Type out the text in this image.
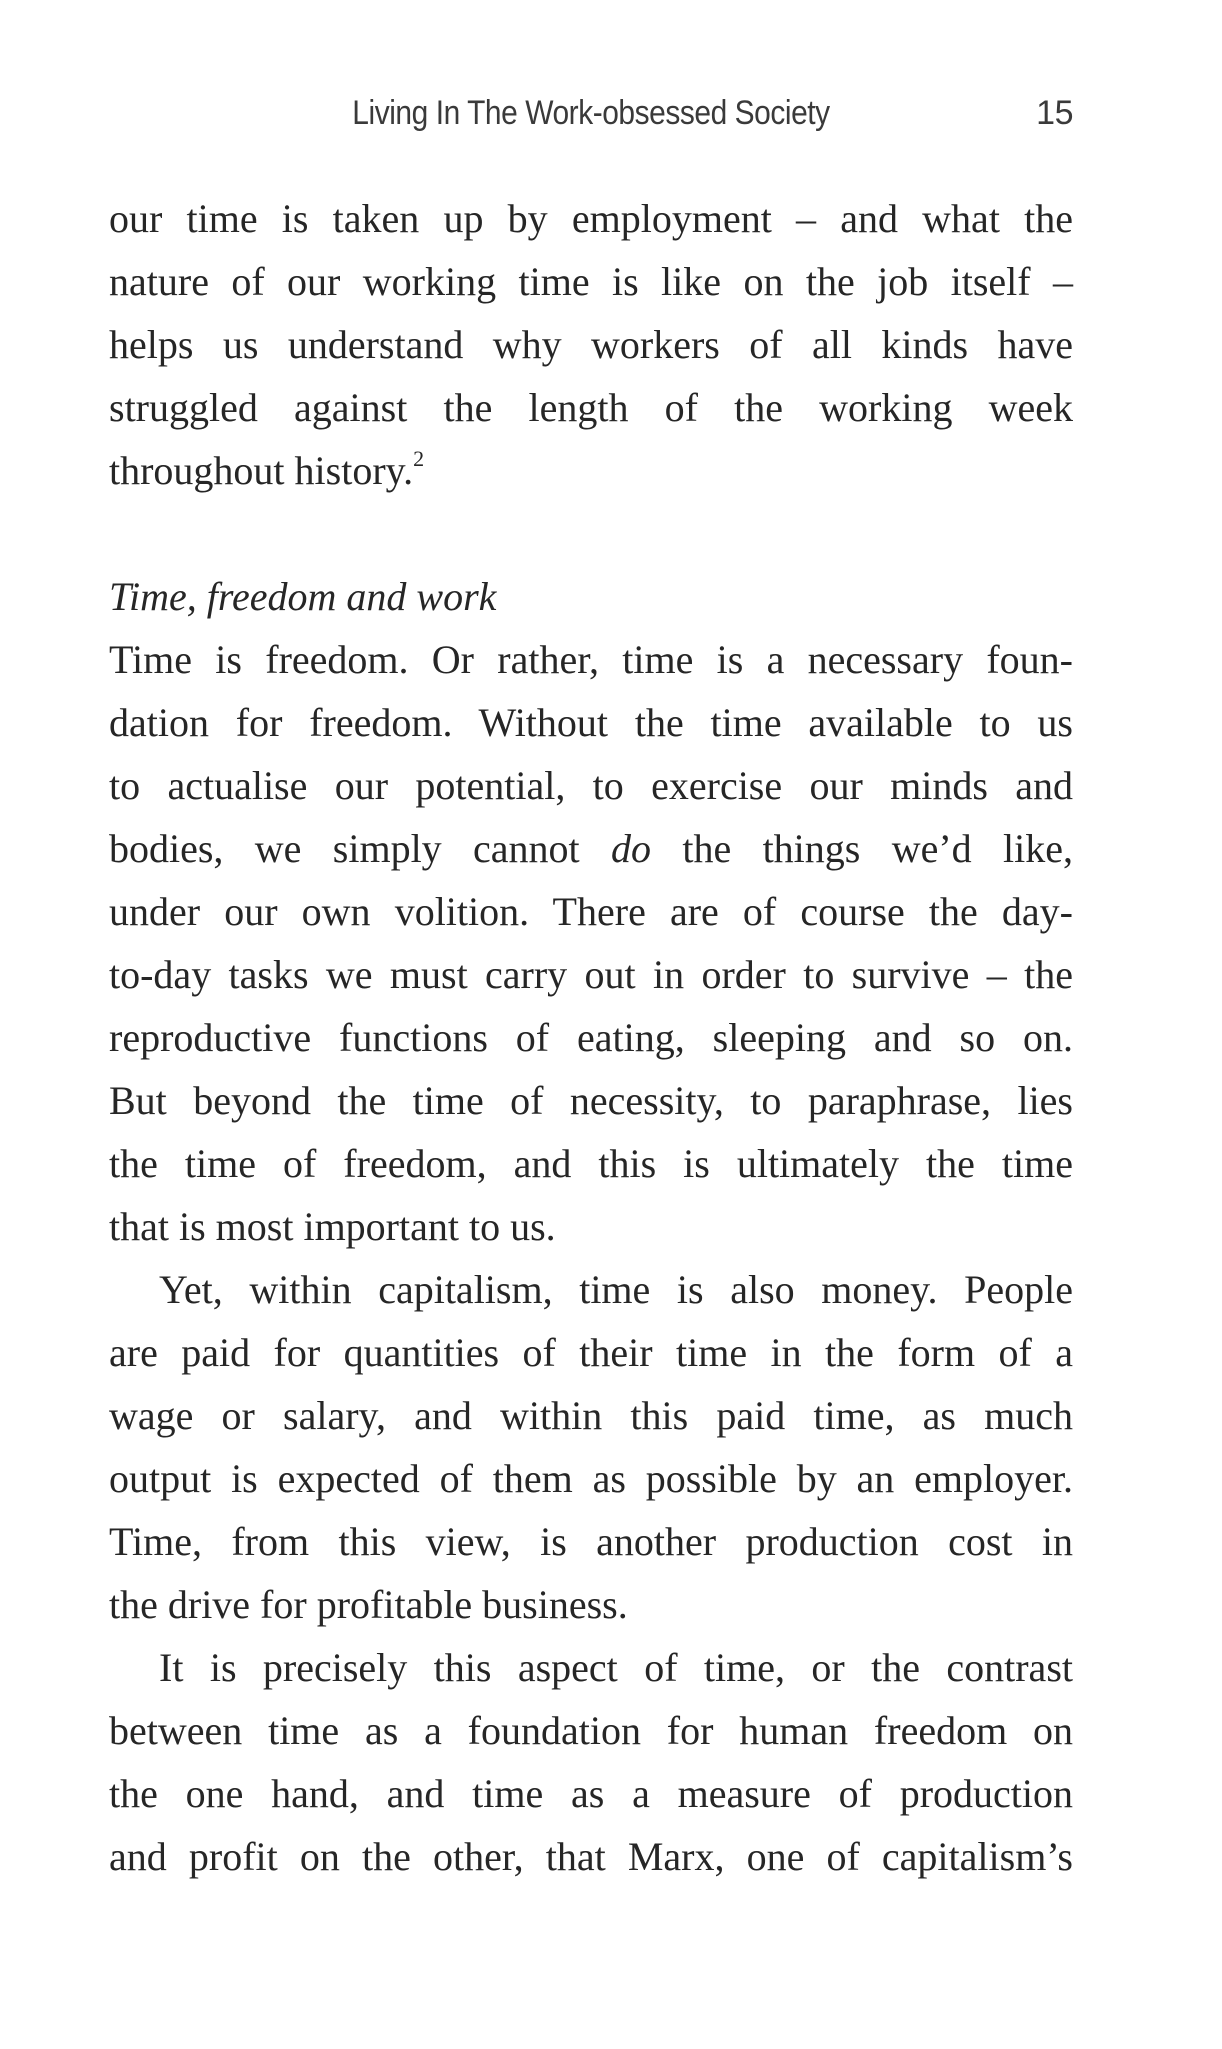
Living In The Work-obsessed Society	15
our time is taken up by employment – and what the
nature of our working time is like on the job itself –
helps us understand why workers of all kinds have
struggled against the length of the working week
throughout history.$^2$
Time, freedom and work
Time is freedom. Or rather, time is a necessary foun-
dation for freedom. Without the time available to us
to actualise our potential, to exercise our minds and
bodies, we simply cannot do the things we’d like,
under our own volition. There are of course the day-
to-day tasks we must carry out in order to survive – the
reproductive functions of eating, sleeping and so on.
But beyond the time of necessity, to paraphrase, lies
the time of freedom, and this is ultimately the time
that is most important to us.
Yet, within capitalism, time is also money. People
are paid for quantities of their time in the form of a
wage or salary, and within this paid time, as much
output is expected of them as possible by an employer.
Time, from this view, is another production cost in
the drive for profitable business.
It is precisely this aspect of time, or the contrast
between time as a foundation for human freedom on
the one hand, and time as a measure of production
and profit on the other, that Marx, one of capitalism’s
